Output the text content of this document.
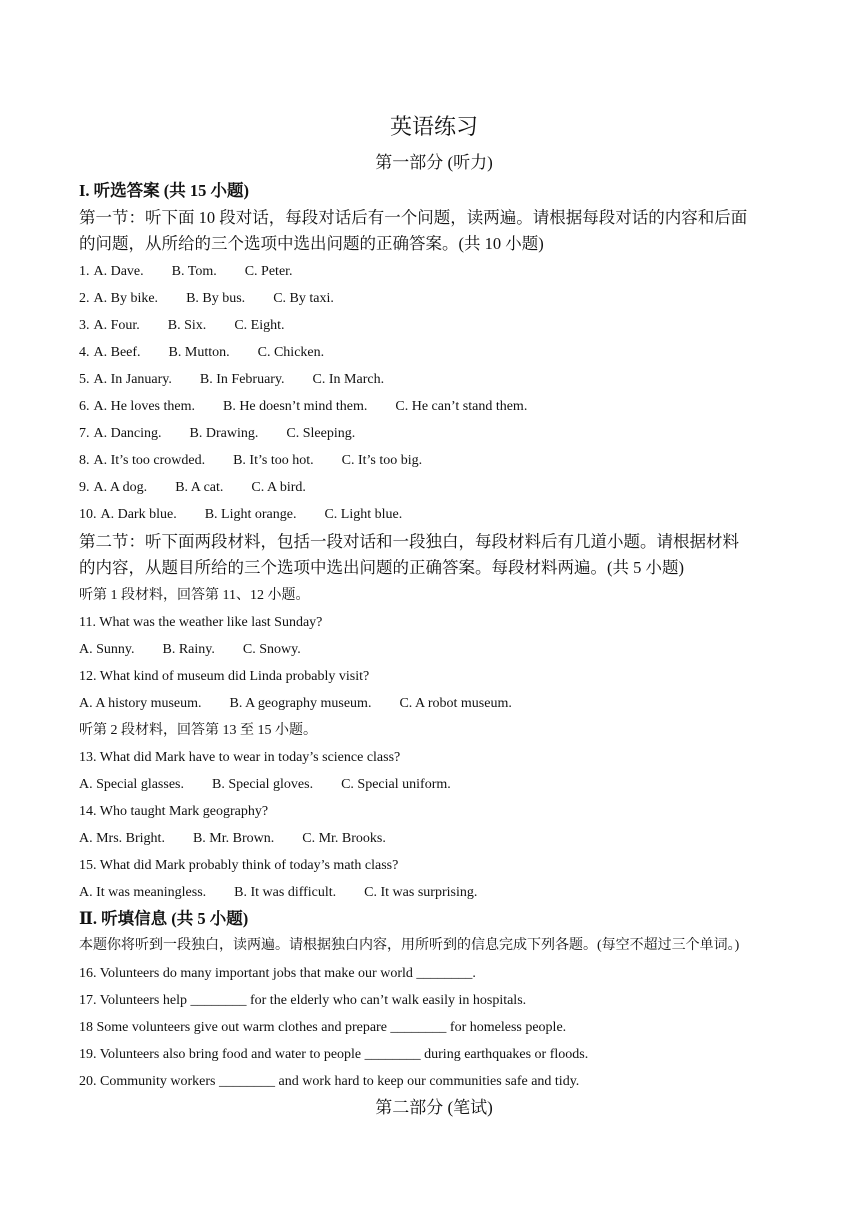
英语练习
第一部分 (听力)
I. 听选答案 (共 15 小题)
第一节：听下面 10 段对话，每段对话后有一个问题，读两遍。请根据每段对话的内容和后面
的问题，从所给的三个选项中选出问题的正确答案。(共 10 小题)
1. A. Dave. B. Tom. C. Peter.
2. A. By bike. B. By bus. C. By taxi.
3. A. Four. B. Six. C. Eight.
4. A. Beef. B. Mutton. C. Chicken.
5. A. In January. B. In February. C. In March.
6. A. He loves them. B. He doesn’t mind them. C. He can’t stand them.
7. A. Dancing. B. Drawing. C. Sleeping.
8. A. It’s too crowded. B. It’s too hot. C. It’s too big.
9. A. A dog. B. A cat. C. A bird.
10. A. Dark blue. B. Light orange. C. Light blue.
第二节：听下面两段材料，包括一段对话和一段独白，每段材料后有几道小题。请根据材料
的内容，从题目所给的三个选项中选出问题的正确答案。每段材料两遍。(共 5 小题)
听第 1 段材料，回答第 11、12 小题。
11. What was the weather like last Sunday?
A. Sunny. B. Rainy. C. Snowy.
12. What kind of museum did Linda probably visit?
A. A history museum. B. A geography museum. C. A robot museum.
听第 2 段材料，回答第 13 至 15 小题。
13. What did Mark have to wear in today’s science class?
A. Special glasses. B. Special gloves. C. Special uniform.
14. Who taught Mark geography?
A. Mrs. Bright. B. Mr. Brown. C. Mr. Brooks.
15. What did Mark probably think of today’s math class?
A. It was meaningless. B. It was difficult. C. It was surprising.
Ⅱ. 听填信息 (共 5 小题)
本题你将听到一段独白，读两遍。请根据独白内容，用所听到的信息完成下列各题。(每空不超过三个单词。)
16. Volunteers do many important jobs that make our world ________.
17. Volunteers help ________ for the elderly who can’t walk easily in hospitals.
18 Some volunteers give out warm clothes and prepare ________ for homeless people.
19. Volunteers also bring food and water to people ________ during earthquakes or floods.
20. Community workers ________ and work hard to keep our communities safe and tidy.
第二部分 (笔试)
